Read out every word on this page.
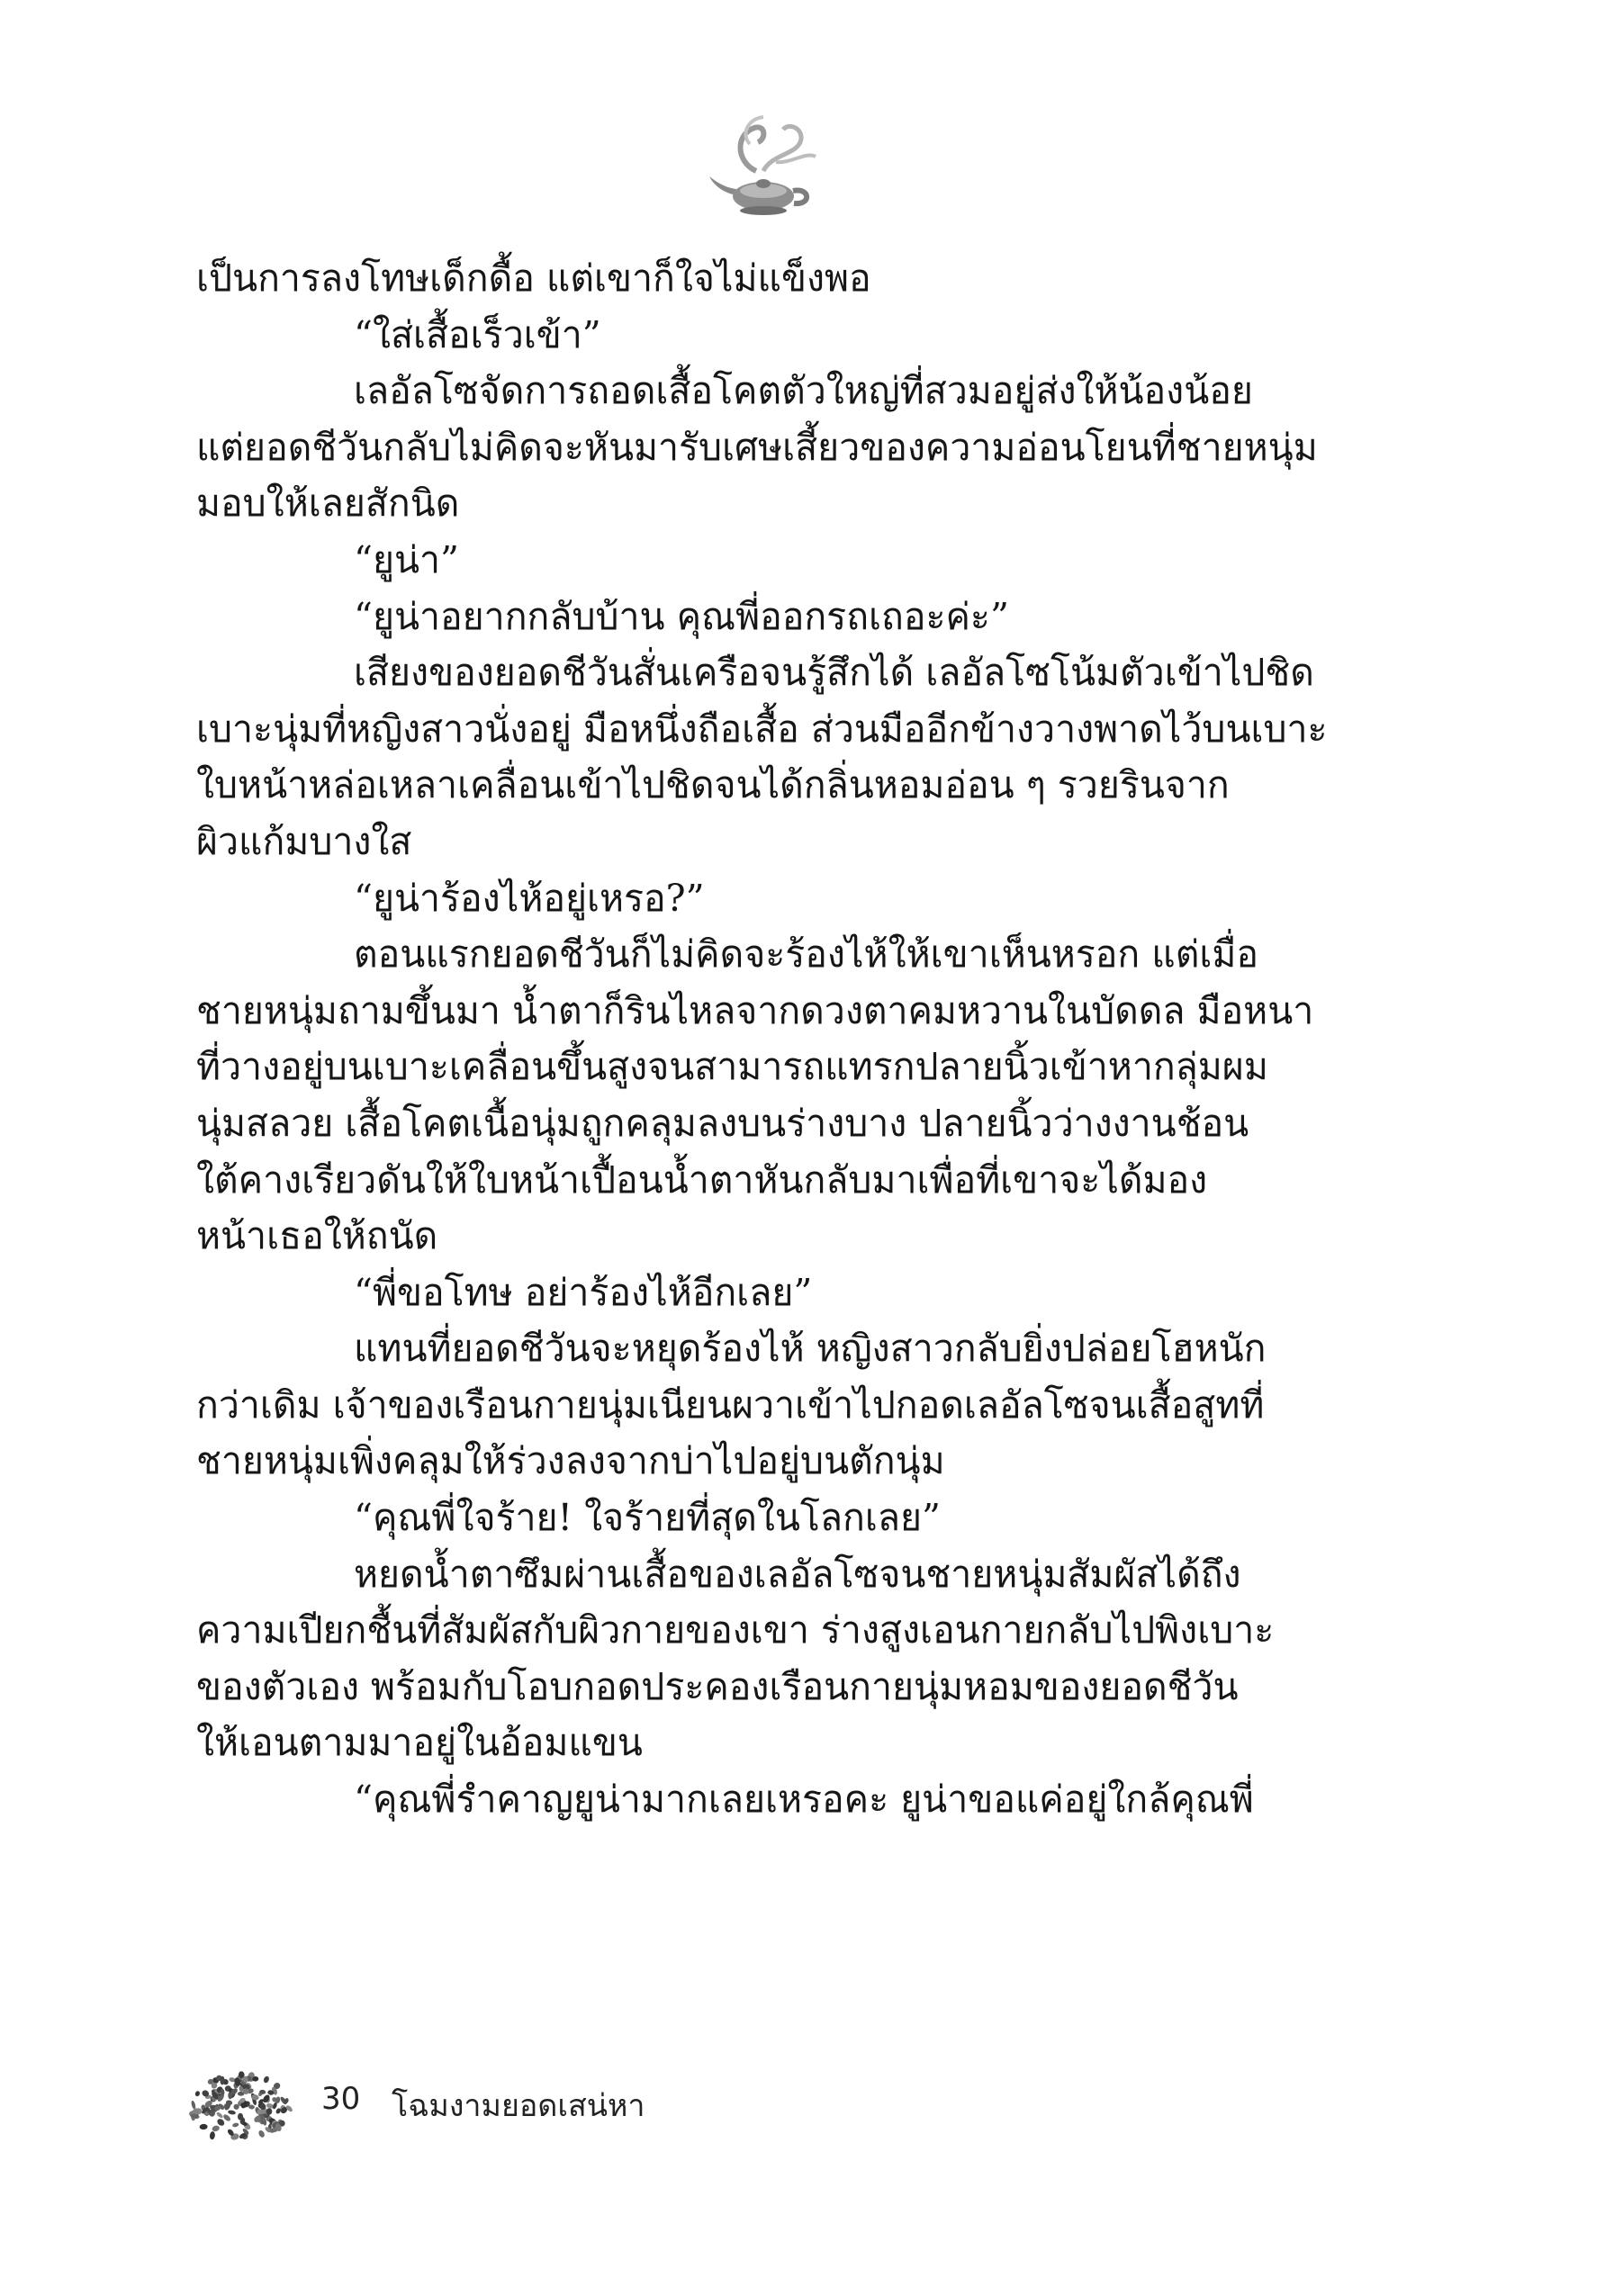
เป็นการลงโทษเด็กดื้อ แต่เขาก็ใจไม่แข็งพอ
“ใส่เสื้อเร็วเข้า”
เลอัลโซจัดการถอดเสื้อโคตตัวใหญ่ที่สวมอยู่ส่งให้น้องน้อย
แต่ยอดชีวันกลับไม่คิดจะหันมารับเศษเสี้ยวของความอ่อนโยนที่ชายหนุ่ม
มอบให้เลยสักนิด
“ยูน่า”
“ยูน่าอยากกลับบ้าน คุณพี่ออกรถเถอะค่ะ”
เสียงของยอดชีวันสั่นเครือจนรู้สึกได้ เลอัลโซโน้มตัวเข้าไปชิด
เบาะนุ่มที่หญิงสาวนั่งอยู่ มือหนึ่งถือเสื้อ ส่วนมืออีกข้างวางพาดไว้บนเบาะ
ใบหน้าหล่อเหลาเคลื่อนเข้าไปชิดจนได้กลิ่นหอมอ่อน ๆ รวยรินจาก
ผิวแก้มบางใส
“ยูน่าร้องไห้อยู่เหรอ?”
ตอนแรกยอดชีวันก็ไม่คิดจะร้องไห้ให้เขาเห็นหรอก แต่เมื่อ
ชายหนุ่มถามขึ้นมา น้ำตาก็รินไหลจากดวงตาคมหวานในบัดดล มือหนา
ที่วางอยู่บนเบาะเคลื่อนขึ้นสูงจนสามารถแทรกปลายนิ้วเข้าหากลุ่มผม
นุ่มสลวย เสื้อโคตเนื้อนุ่มถูกคลุมลงบนร่างบาง ปลายนิ้วว่างงานช้อน
ใต้คางเรียวดันให้ใบหน้าเปื้อนน้ำตาหันกลับมาเพื่อที่เขาจะได้มอง
หน้าเธอให้ถนัด
“พี่ขอโทษ อย่าร้องไห้อีกเลย”
แทนที่ยอดชีวันจะหยุดร้องไห้ หญิงสาวกลับยิ่งปล่อยโฮหนัก
กว่าเดิม เจ้าของเรือนกายนุ่มเนียนผวาเข้าไปกอดเลอัลโซจนเสื้อสูทที่
ชายหนุ่มเพิ่งคลุมให้ร่วงลงจากบ่าไปอยู่บนตักนุ่ม
“คุณพี่ใจร้าย! ใจร้ายที่สุดในโลกเลย”
หยดน้ำตาซึมผ่านเสื้อของเลอัลโซจนชายหนุ่มสัมผัสได้ถึง
ความเปียกชื้นที่สัมผัสกับผิวกายของเขา ร่างสูงเอนกายกลับไปพิงเบาะ
ของตัวเอง พร้อมกับโอบกอดประคองเรือนกายนุ่มหอมของยอดชีวัน
ให้เอนตามมาอยู่ในอ้อมแขน
“คุณพี่รำคาญยูน่ามากเลยเหรอคะ ยูน่าขอแค่อยู่ใกล้คุณพี่
30 โฉมงามยอดเสน่หา
